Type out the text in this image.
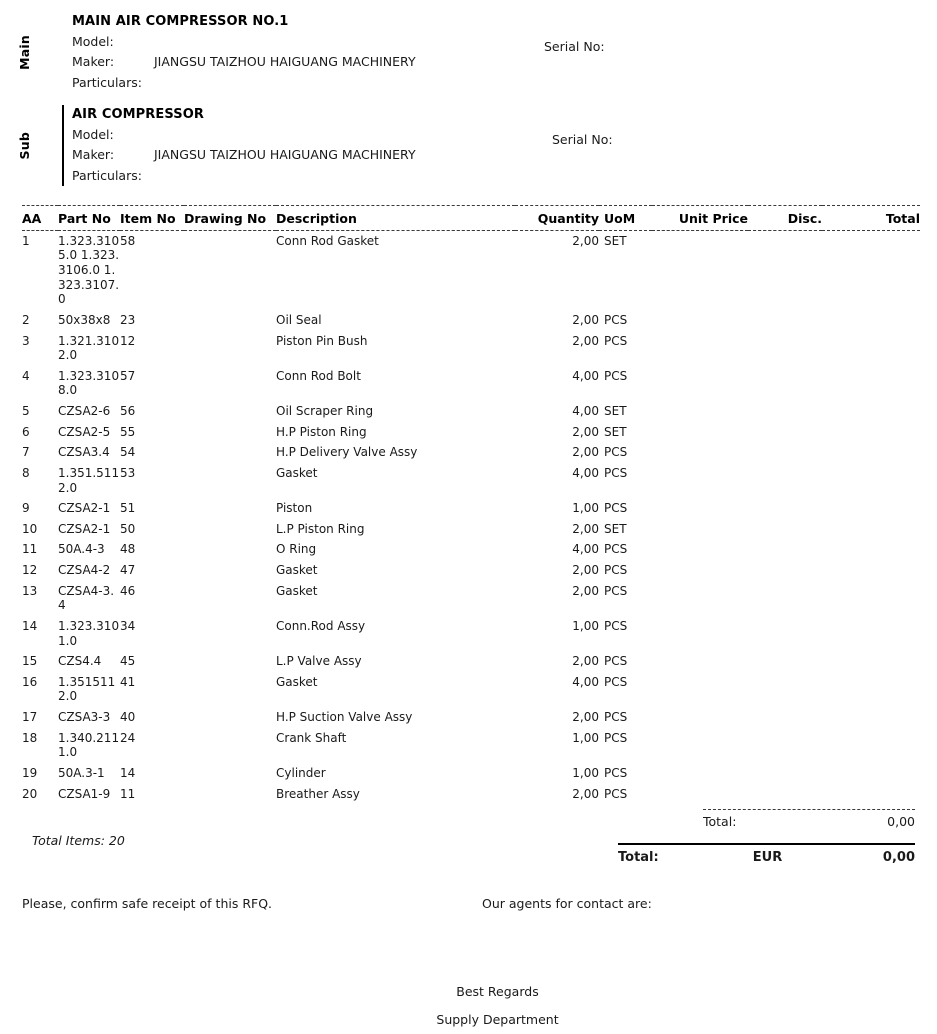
Main
MAIN AIR COMPRESSOR NO.1
Model:
Maker:	JIANGSU TAIZHOU HAIGUANG MACHINERY
Particulars:
Serial No:
Sub
AIR COMPRESSOR
Model:
Maker:	JIANGSU TAIZHOU HAIGUANG MACHINERY
Particulars:
Serial No:
AA	Part No	Item No	Drawing No	Description	Quantity	UoM	Unit Price	Disc.	Total
1	1.323.3105.0 1.323.3106.0 1.323.3107.0	58		Conn Rod Gasket	2,00	SET			
2	50x38x8	23		Oil Seal	2,00	PCS			
3	1.321.3102.0	12		Piston Pin Bush	2,00	PCS			
4	1.323.3108.0	57		Conn Rod Bolt	4,00	PCS			
5	CZSA2-6	56		Oil Scraper Ring	4,00	SET			
6	CZSA2-5	55		H.P Piston Ring	2,00	SET			
7	CZSA3.4	54		H.P Delivery Valve Assy	2,00	PCS			
8	1.351.5112.0	53		Gasket	4,00	PCS			
9	CZSA2-1	51		Piston	1,00	PCS			
10	CZSA2-1	50		L.P Piston Ring	2,00	SET			
11	50A.4-3	48		O Ring	4,00	PCS			
12	CZSA4-2	47		Gasket	2,00	PCS			
13	CZSA4-3.4	46		Gasket	2,00	PCS			
14	1.323.3101.0	34		Conn.Rod Assy	1,00	PCS			
15	CZS4.4	45		L.P Valve Assy	2,00	PCS			
16	1.3515112.0	41		Gasket	4,00	PCS			
17	CZSA3-3	40		H.P Suction Valve Assy	2,00	PCS			
18	1.340.2111.0	24		Crank Shaft	1,00	PCS			
19	50A.3-1	14		Cylinder	1,00	PCS			
20	CZSA1-9	11		Breather Assy	2,00	PCS			
Total:	0,00
Total:	EUR	0,00
Total Items: 20
Please, confirm safe receipt of this RFQ.	Our agents for contact are:
Best Regards
Supply Department
